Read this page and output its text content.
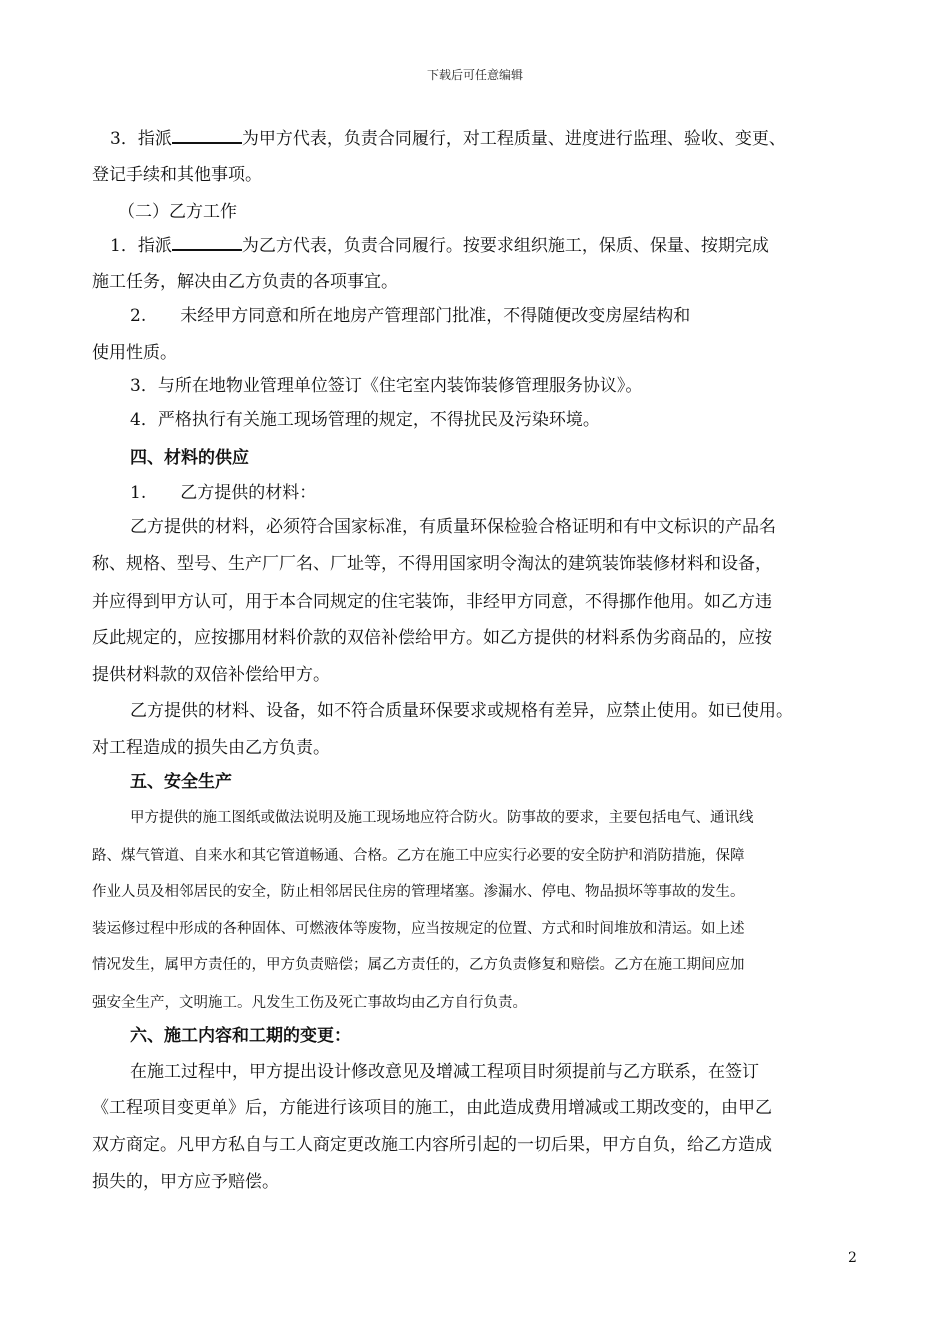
下载后可任意编辑
3．指派	为甲方代表，负责合同履行，对工程质量、进度进行监理、验收、变更、
登记手续和其他事项。
（二）乙方工作
1．指派	为乙方代表，负责合同履行。按要求组织施工，保质、保量、按期完成
施工任务，解决由乙方负责的各项事宜。
2.　　未经甲方同意和所在地房产管理部门批准，不得随便改变房屋结构和
使用性质。
3．与所在地物业管理单位签订《住宅室内装饰装修管理服务协议》。
4．严格执行有关施工现场管理的规定，不得扰民及污染环境。
四、材料的供应
1.　　乙方提供的材料：
乙方提供的材料，必须符合国家标准，有质量环保检验合格证明和有中文标识的产品名
称、规格、型号、生产厂厂名、厂址等，不得用国家明令淘汰的建筑装饰装修材料和设备，
并应得到甲方认可，用于本合同规定的住宅装饰，非经甲方同意，不得挪作他用。如乙方违
反此规定的，应按挪用材料价款的双倍补偿给甲方。如乙方提供的材料系伪劣商品的，应按
提供材料款的双倍补偿给甲方。
乙方提供的材料、设备，如不符合质量环保要求或规格有差异，应禁止使用。如已使用。
对工程造成的损失由乙方负责。
五、安全生产
甲方提供的施工图纸或做法说明及施工现场地应符合防火。防事故的要求，主要包括电气、通讯线
路、煤气管道、自来水和其它管道畅通、合格。乙方在施工中应实行必要的安全防护和消防措施，保障
作业人员及相邻居民的安全，防止相邻居民住房的管理堵塞。渗漏水、停电、物品损坏等事故的发生。
装运修过程中形成的各种固体、可燃液体等废物，应当按规定的位置、方式和时间堆放和清运。如上述
情况发生，属甲方责任的，甲方负责赔偿；属乙方责任的，乙方负责修复和赔偿。乙方在施工期间应加
强安全生产，文明施工。凡发生工伤及死亡事故均由乙方自行负责。
六、施工内容和工期的变更：
在施工过程中，甲方提出设计修改意见及增减工程项目时须提前与乙方联系，在签订
《工程项目变更单》后，方能进行该项目的施工，由此造成费用增减或工期改变的，由甲乙
双方商定。凡甲方私自与工人商定更改施工内容所引起的一切后果，甲方自负，给乙方造成
损失的，甲方应予赔偿。
2
